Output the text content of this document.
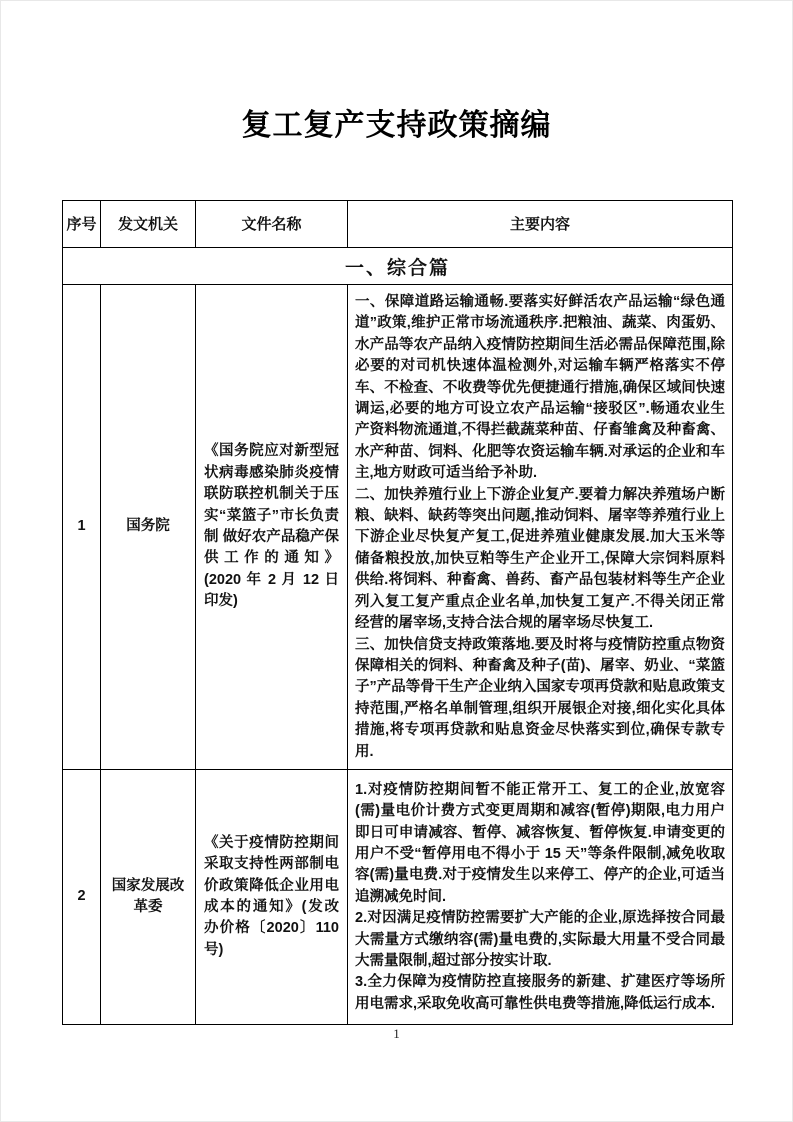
复工复产支持政策摘编
序号	发文机关	文件名称	主要内容
一、综合篇			
1	国务院	《国务院应对新型冠状病毒感染肺炎疫情联防联控机制关于压实“菜篮子”市长负责制 做好农产品稳产保供工作的通知》(2020 年 2 月 12 日印发)	一、保障道路运输通畅.要落实好鲜活农产品运输“绿色通道”政策,维护正常市场流通秩序.把粮油、蔬菜、肉蛋奶、水产品等农产品纳入疫情防控期间生活必需品保障范围,除必要的对司机快速体温检测外,对运输车辆严格落实不停车、不检查、不收费等优先便捷通行措施,确保区域间快速调运,必要的地方可设立农产品运输“接驳区”.畅通农业生产资料物流通道,不得拦截蔬菜种苗、仔畜雏禽及种畜禽、水产种苗、饲料、化肥等农资运输车辆.对承运的企业和车主,地方财政可适当给予补助.

二、加快养殖行业上下游企业复产.要着力解决养殖场户断粮、缺料、缺药等突出问题,推动饲料、屠宰等养殖行业上下游企业尽快复产复工,促进养殖业健康发展.加大玉米等储备粮投放,加快豆粕等生产企业开工,保障大宗饲料原料供给.将饲料、种畜禽、兽药、畜产品包装材料等生产企业列入复工复产重点企业名单,加快复工复产.不得关闭正常经营的屠宰场,支持合法合规的屠宰场尽快复工.

三、加快信贷支持政策落地.要及时将与疫情防控重点物资保障相关的饲料、种畜禽及种子(苗)、屠宰、奶业、“菜篮子”产品等骨干生产企业纳入国家专项再贷款和贴息政策支持范围,严格名单制管理,组织开展银企对接,细化实化具体措施,将专项再贷款和贴息资金尽快落实到位,确保专款专用.

2	国家发展改革委	《关于疫情防控期间采取支持性两部制电价政策降低企业用电成本的通知》(发改办价格〔2020〕110 号)	1.对疫情防控期间暂不能正常开工、复工的企业,放宽容(需)量电价计费方式变更周期和减容(暂停)期限,电力用户即日可申请减容、暂停、减容恢复、暂停恢复.申请变更的用户不受“暂停用电不得小于 15 天”等条件限制,减免收取容(需)量电费.对于疫情发生以来停工、停产的企业,可适当追溯减免时间.

2.对因满足疫情防控需要扩大产能的企业,原选择按合同最大需量方式缴纳容(需)量电费的,实际最大用量不受合同最大需量限制,超过部分按实计取.

3.全力保障为疫情防控直接服务的新建、扩建医疗等场所用电需求,采取免收高可靠性供电费等措施,降低运行成本.

1
